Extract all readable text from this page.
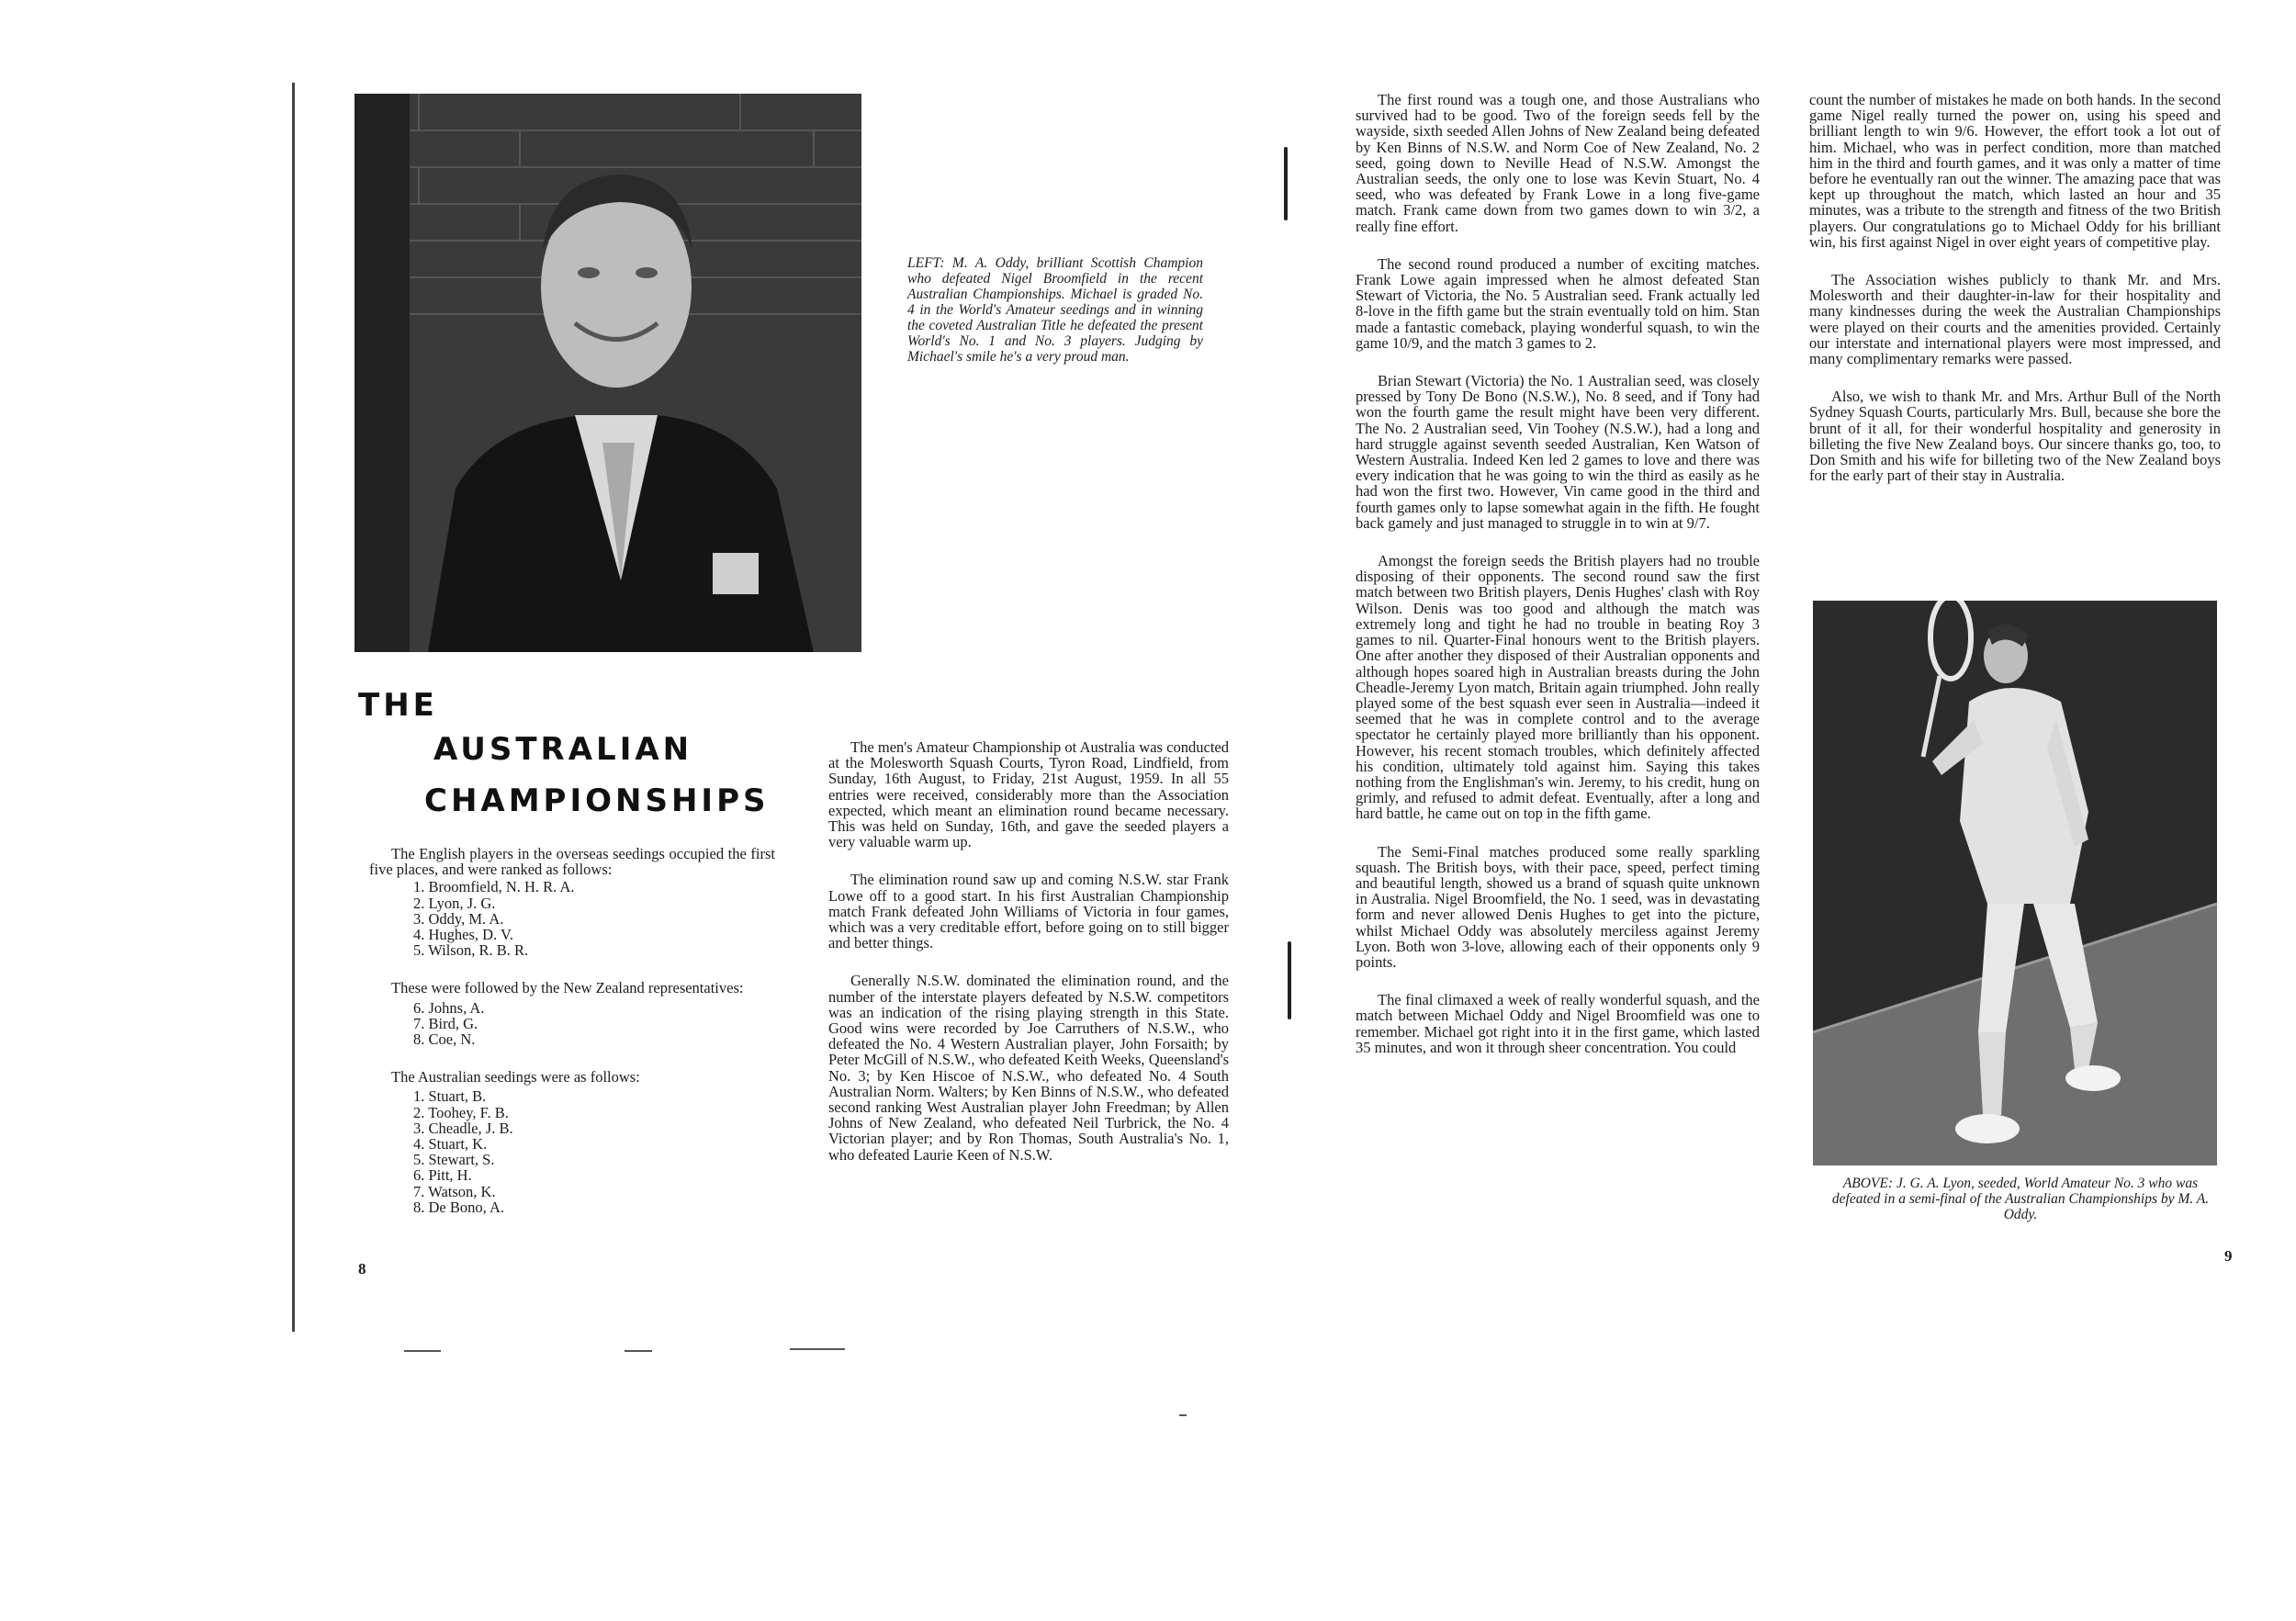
LEFT: M. A. Oddy, brilliant Scottish Champion who defeated Nigel Broomfield in the recent Australian Championships. Michael is graded No. 4 in the World's Amateur seedings and in winning the coveted Australian Title he defeated the present World's No. 1 and No. 3 players. Judging by Michael's smile he's a very proud man.
THE
AUSTRALIAN
CHAMPIONSHIPS

The English players in the overseas seedings occupied the first five places, and were ranked as follows:

1. Broomfield, N. H. R. A.
2. Lyon, J. G.
3. Oddy, M. A.
4. Hughes, D. V.
5. Wilson, R. B. R.

These were followed by the New Zealand representatives:

6. Johns, A.
7. Bird, G.
8. Coe, N.

The Australian seedings were as follows:

1. Stuart, B.
2. Toohey, F. B.
3. Cheadle, J. B.
4. Stuart, K.
5. Stewart, S.
6. Pitt, H.
7. Watson, K.
8. De Bono, A.
8

The men's Amateur Championship ot Australia was conducted at the Molesworth Squash Courts, Tyron Road, Lindfield, from Sunday, 16th August, to Friday, 21st August, 1959. In all 55 entries were received, considerably more than the Association expected, which meant an elimination round became necessary. This was held on Sunday, 16th, and gave the seeded players a very valuable warm up.

The elimination round saw up and coming N.S.W. star Frank Lowe off to a good start. In his first Australian Championship match Frank defeated John Williams of Victoria in four games, which was a very creditable effort, before going on to still bigger and better things.

Generally N.S.W. dominated the elimination round, and the number of the interstate players defeated by N.S.W. competitors was an indication of the rising playing strength in this State. Good wins were recorded by Joe Carruthers of N.S.W., who defeated the No. 4 Western Australian player, John Forsaith; by Peter McGill of N.S.W., who defeated Keith Weeks, Queensland's No. 3; by Ken Hiscoe of N.S.W., who defeated No. 4 South Australian Norm. Walters; by Ken Binns of N.S.W., who defeated second ranking West Australian player John Freedman; by Allen Johns of New Zealand, who defeated Neil Turbrick, the No. 4 Victorian player; and by Ron Thomas, South Australia's No. 1, who defeated Laurie Keen of N.S.W.

The first round was a tough one, and those Australians who survived had to be good. Two of the foreign seeds fell by the wayside, sixth seeded Allen Johns of New Zealand being defeated by Ken Binns of N.S.W. and Norm Coe of New Zealand, No. 2 seed, going down to Neville Head of N.S.W. Amongst the Australian seeds, the only one to lose was Kevin Stuart, No. 4 seed, who was defeated by Frank Lowe in a long five-game match. Frank came down from two games down to win 3/2, a really fine effort.

The second round produced a number of exciting matches. Frank Lowe again impressed when he almost defeated Stan Stewart of Victoria, the No. 5 Australian seed. Frank actually led 8-love in the fifth game but the strain eventually told on him. Stan made a fantastic comeback, playing wonderful squash, to win the game 10/9, and the match 3 games to 2.

Brian Stewart (Victoria) the No. 1 Australian seed, was closely pressed by Tony De Bono (N.S.W.), No. 8 seed, and if Tony had won the fourth game the result might have been very different. The No. 2 Australian seed, Vin Toohey (N.S.W.), had a long and hard struggle against seventh seeded Australian, Ken Watson of Western Australia. Indeed Ken led 2 games to love and there was every indication that he was going to win the third as easily as he had won the first two. However, Vin came good in the third and fourth games only to lapse somewhat again in the fifth. He fought back gamely and just managed to struggle in to win at 9/7.

Amongst the foreign seeds the British players had no trouble disposing of their opponents. The second round saw the first match between two British players, Denis Hughes' clash with Roy Wilson. Denis was too good and although the match was extremely long and tight he had no trouble in beating Roy 3 games to nil. Quarter-Final honours went to the British players. One after another they disposed of their Australian opponents and although hopes soared high in Australian breasts during the John Cheadle-Jeremy Lyon match, Britain again triumphed. John really played some of the best squash ever seen in Australia—indeed it seemed that he was in complete control and to the average spectator he certainly played more brilliantly than his opponent. However, his recent stomach troubles, which definitely affected his condition, ultimately told against him. Saying this takes nothing from the Englishman's win. Jeremy, to his credit, hung on grimly, and refused to admit defeat. Eventually, after a long and hard battle, he came out on top in the fifth game.

The Semi-Final matches produced some really sparkling squash. The British boys, with their pace, speed, perfect timing and beautiful length, showed us a brand of squash quite unknown in Australia. Nigel Broomfield, the No. 1 seed, was in devastating form and never allowed Denis Hughes to get into the picture, whilst Michael Oddy was absolutely merciless against Jeremy Lyon. Both won 3-love, allowing each of their opponents only 9 points.

The final climaxed a week of really wonderful squash, and the match between Michael Oddy and Nigel Broomfield was one to remember. Michael got right into it in the first game, which lasted 35 minutes, and won it through sheer concentration. You could

count the number of mistakes he made on both hands. In the second game Nigel really turned the power on, using his speed and brilliant length to win 9/6. However, the effort took a lot out of him. Michael, who was in perfect condition, more than matched him in the third and fourth games, and it was only a matter of time before he eventually ran out the winner. The amazing pace that was kept up throughout the match, which lasted an hour and 35 minutes, was a tribute to the strength and fitness of the two British players. Our congratulations go to Michael Oddy for his brilliant win, his first against Nigel in over eight years of competitive play.

The Association wishes publicly to thank Mr. and Mrs. Molesworth and their daughter-in-law for their hospitality and many kindnesses during the week the Australian Championships were played on their courts and the amenities provided. Certainly our interstate and international players were most impressed, and many complimentary remarks were passed.

Also, we wish to thank Mr. and Mrs. Arthur Bull of the North Sydney Squash Courts, particularly Mrs. Bull, because she bore the brunt of it all, for their wonderful hospitality and generosity in billeting the five New Zealand boys. Our sincere thanks go, too, to Don Smith and his wife for billeting two of the New Zealand boys for the early part of their stay in Australia.

ABOVE: J. G. A. Lyon, seeded, World Amateur No. 3 who was defeated in a semi-final of the Australian Championships by M. A. Oddy.
9
